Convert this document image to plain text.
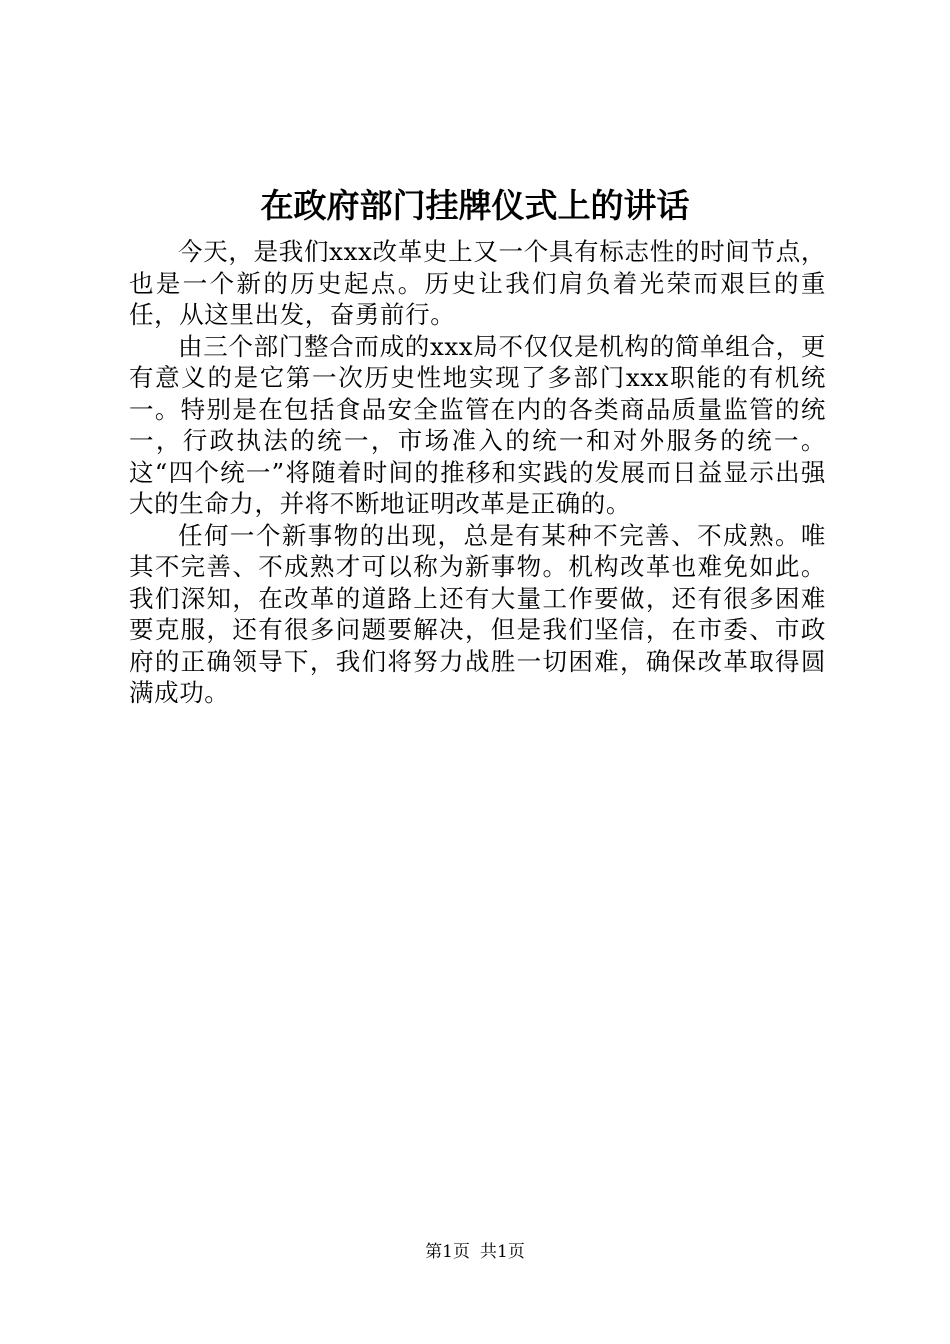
在政府部门挂牌仪式上的讲话

今天，是我们xxx改革史上又一个具有标志性的时间节点，也是一个新的历史起点。历史让我们肩负着光荣而艰巨的重任，从这里出发，奋勇前行。

由三个部门整合而成的xxx局不仅仅是机构的简单组合，更有意义的是它第一次历史性地实现了多部门xxx职能的有机统一。特别是在包括食品安全监管在内的各类商品质量监管的统一，行政执法的统一，市场准入的统一和对外服务的统一。这“四个统一”将随着时间的推移和实践的发展而日益显示出强大的生命力，并将不断地证明改革是正确的。

任何一个新事物的出现，总是有某种不完善、不成熟。唯其不完善、不成熟才可以称为新事物。机构改革也难免如此。我们深知，在改革的道路上还有大量工作要做，还有很多困难要克服，还有很多问题要解决，但是我们坚信，在市委、市政府的正确领导下，我们将努力战胜一切困难，确保改革取得圆满成功。

第1页 共1页
